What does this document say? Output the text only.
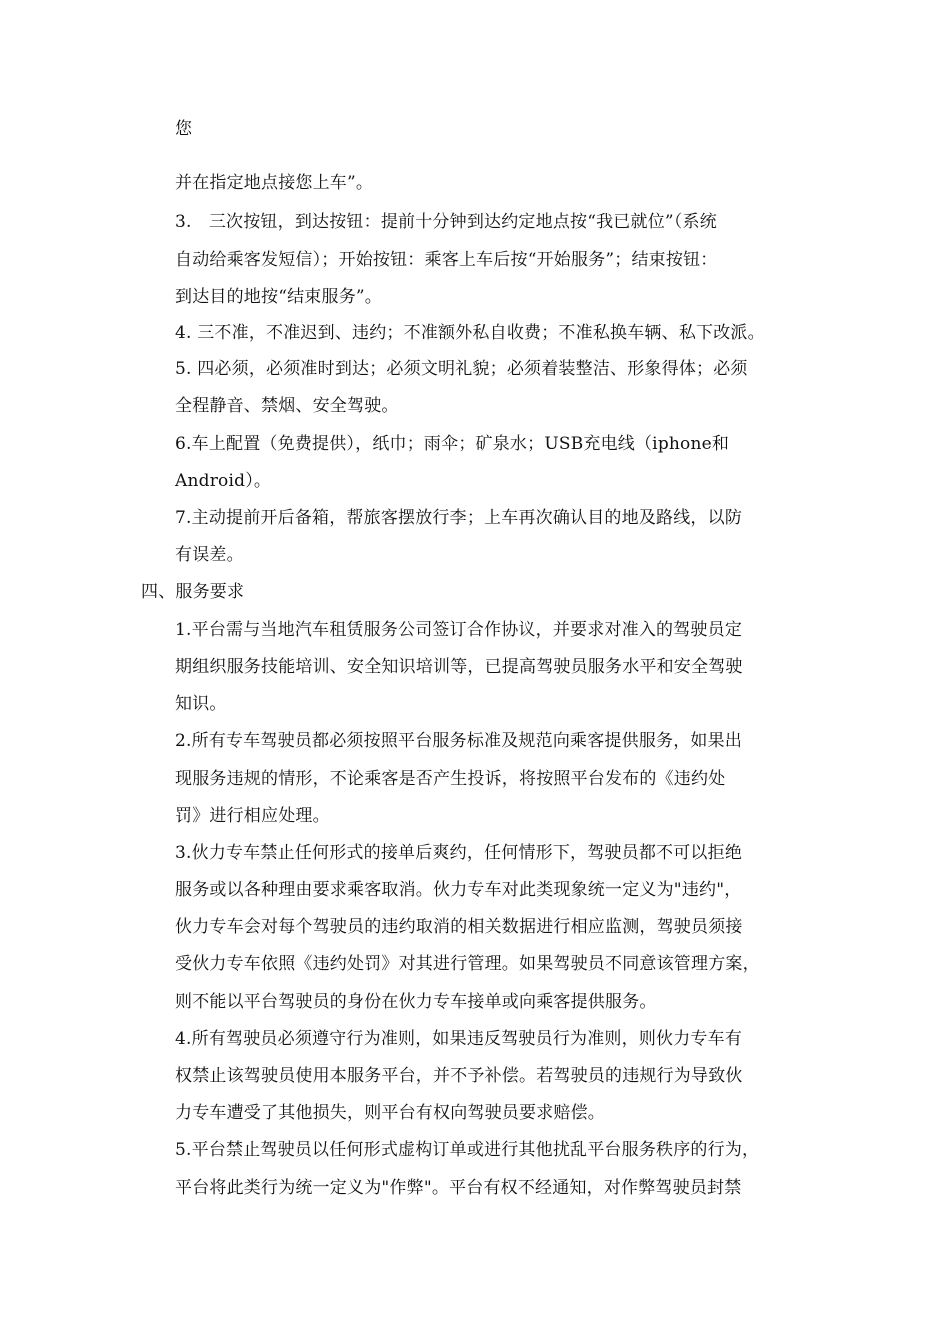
您
并在指定地点接您上车”。
3.　三次按钮，到达按钮：提前十分钟到达约定地点按“我已就位”（系统
自动给乘客发短信）；开始按钮：乘客上车后按“开始服务”；结束按钮：
到达目的地按“结束服务”。
4. 三不准，不准迟到、违约；不准额外私自收费；不准私换车辆、私下改派。
5. 四必须，必须准时到达；必须文明礼貌；必须着装整洁、形象得体；必须
全程静音、禁烟、安全驾驶。
6.车上配置（免费提供），纸巾；雨伞；矿泉水；USB充电线（iphone和
Android）。
7.主动提前开后备箱，帮旅客摆放行李；上车再次确认目的地及路线，以防
有误差。
四、服务要求
1.平台需与当地汽车租赁服务公司签订合作协议，并要求对准入的驾驶员定
期组织服务技能培训、安全知识培训等，已提高驾驶员服务水平和安全驾驶
知识。
2.所有专车驾驶员都必须按照平台服务标准及规范向乘客提供服务，如果出
现服务违规的情形，不论乘客是否产生投诉，将按照平台发布的《违约处
罚》进行相应处理。
3.伙力专车禁止任何形式的接单后爽约，任何情形下，驾驶员都不可以拒绝
服务或以各种理由要求乘客取消。伙力专车对此类现象统一定义为"违约"，
伙力专车会对每个驾驶员的违约取消的相关数据进行相应监测，驾驶员须接
受伙力专车依照《违约处罚》对其进行管理。如果驾驶员不同意该管理方案，
则不能以平台驾驶员的身份在伙力专车接单或向乘客提供服务。
4.所有驾驶员必须遵守行为准则，如果违反驾驶员行为准则，则伙力专车有
权禁止该驾驶员使用本服务平台，并不予补偿。若驾驶员的违规行为导致伙
力专车遭受了其他损失，则平台有权向驾驶员要求赔偿。
5.平台禁止驾驶员以任何形式虚构订单或进行其他扰乱平台服务秩序的行为，
平台将此类行为统一定义为"作弊"。平台有权不经通知，对作弊驾驶员封禁
